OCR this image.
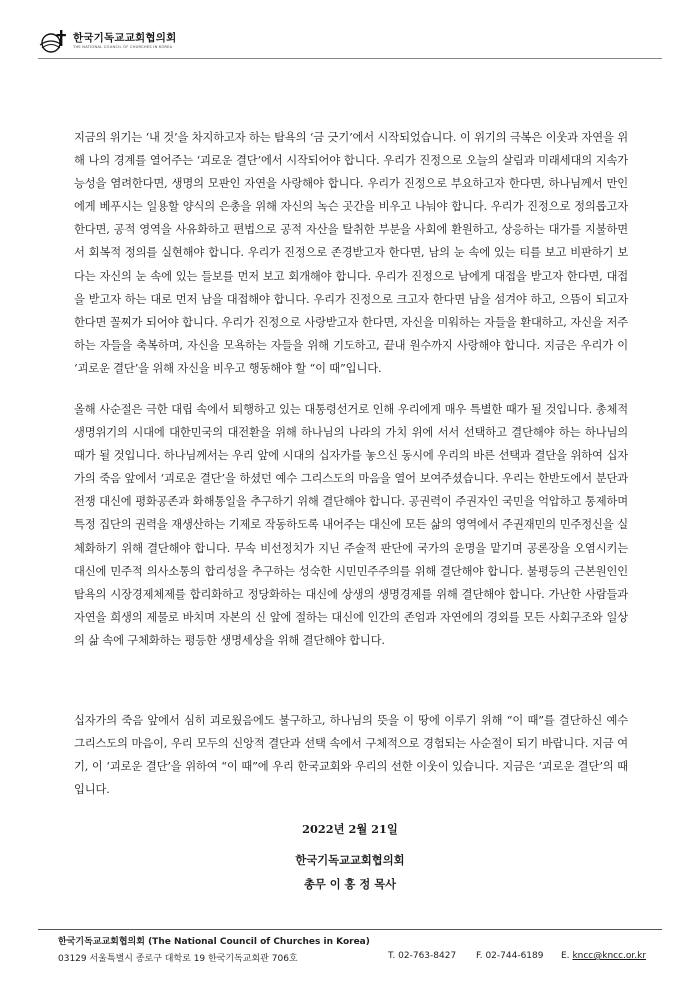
한국기독교교회협의회
THE NATIONAL COUNCIL OF CHURCHES IN KOREA

지금의 위기는 ‘내 것’을 차지하고자 하는 탐욕의 ‘금 긋기’에서 시작되었습니다. 이 위기의 극복은 이웃과 자연을 위해 나의 경계를 열어주는 ‘괴로운 결단’에서 시작되어야 합니다. 우리가 진정으로 오늘의 살림과 미래세대의 지속가능성을 염려한다면, 생명의 모판인 자연을 사랑해야 합니다. 우리가 진정으로 부요하고자 한다면, 하나님께서 만인에게 베푸시는 일용할 양식의 은총을 위해 자신의 녹슨 곳간을 비우고 나눠야 합니다. 우리가 진정으로 정의롭고자 한다면, 공적 영역을 사유화하고 편법으로 공적 자산을 탈취한 부분을 사회에 환원하고, 상응하는 대가를 지불하면서 회복적 정의를 실현해야 합니다. 우리가 진정으로 존경받고자 한다면, 남의 눈 속에 있는 티를 보고 비판하기 보다는 자신의 눈 속에 있는 들보를 먼저 보고 회개해야 합니다. 우리가 진정으로 남에게 대접을 받고자 한다면, 대접을 받고자 하는 대로 먼저 남을 대접해야 합니다. 우리가 진정으로 크고자 한다면 남을 섬겨야 하고, 으뜸이 되고자 한다면 꼴찌가 되어야 합니다. 우리가 진정으로 사랑받고자 한다면, 자신을 미워하는 자들을 환대하고, 자신을 저주하는 자들을 축복하며, 자신을 모욕하는 자들을 위해 기도하고, 끝내 원수까지 사랑해야 합니다. 지금은 우리가 이 ‘괴로운 결단’을 위해 자신을 비우고 행동해야 할 “이 때”입니다.

올해 사순절은 극한 대립 속에서 퇴행하고 있는 대통령선거로 인해 우리에게 매우 특별한 때가 될 것입니다. 총체적 생명위기의 시대에 대한민국의 대전환을 위해 하나님의 나라의 가치 위에 서서 선택하고 결단해야 하는 하나님의 때가 될 것입니다. 하나님께서는 우리 앞에 시대의 십자가를 놓으신 동시에 우리의 바른 선택과 결단을 위하여 십자가의 죽음 앞에서 ‘괴로운 결단’을 하셨던 예수 그리스도의 마음을 열어 보여주셨습니다. 우리는 한반도에서 분단과 전쟁 대신에 평화공존과 화해통일을 추구하기 위해 결단해야 합니다. 공권력이 주권자인 국민을 억압하고 통제하며 특정 집단의 권력을 재생산하는 기제로 작동하도록 내어주는 대신에 모든 삶의 영역에서 주권재민의 민주정신을 실체화하기 위해 결단해야 합니다. 무속 비선정치가 지닌 주술적 판단에 국가의 운명을 맡기며 공론장을 오염시키는 대신에 민주적 의사소통의 합리성을 추구하는 성숙한 시민민주주의를 위해 결단해야 합니다. 불평등의 근본원인인 탐욕의 시장경제체제를 합리화하고 정당화하는 대신에 상생의 생명경제를 위해 결단해야 합니다. 가난한 사람들과 자연을 희생의 제물로 바치며 자본의 신 앞에 절하는 대신에 인간의 존엄과 자연에의 경외를 모든 사회구조와 일상의 삶 속에 구체화하는 평등한 생명세상을 위해 결단해야 합니다.

십자가의 죽음 앞에서 심히 괴로웠음에도 불구하고, 하나님의 뜻을 이 땅에 이루기 위해 “이 때”를 결단하신 예수 그리스도의 마음이, 우리 모두의 신앙적 결단과 선택 속에서 구체적으로 경험되는 사순절이 되기 바랍니다. 지금 여기, 이 ‘괴로운 결단’을 위하여 “이 때”에 우리 한국교회와 우리의 선한 이웃이 있습니다. 지금은 ‘괴로운 결단’의 때입니다.

2022년 2월 21일
한국기독교교회협의회
총무 이 홍 정 목사
한국기독교교회협의회 (The National Council of Churches in Korea)
03129 서울특별시 종로구 대학로 19 한국기독교회관 706호	T. 02-763-8427	F. 02-744-6189	E. kncc@kncc.or.kr
